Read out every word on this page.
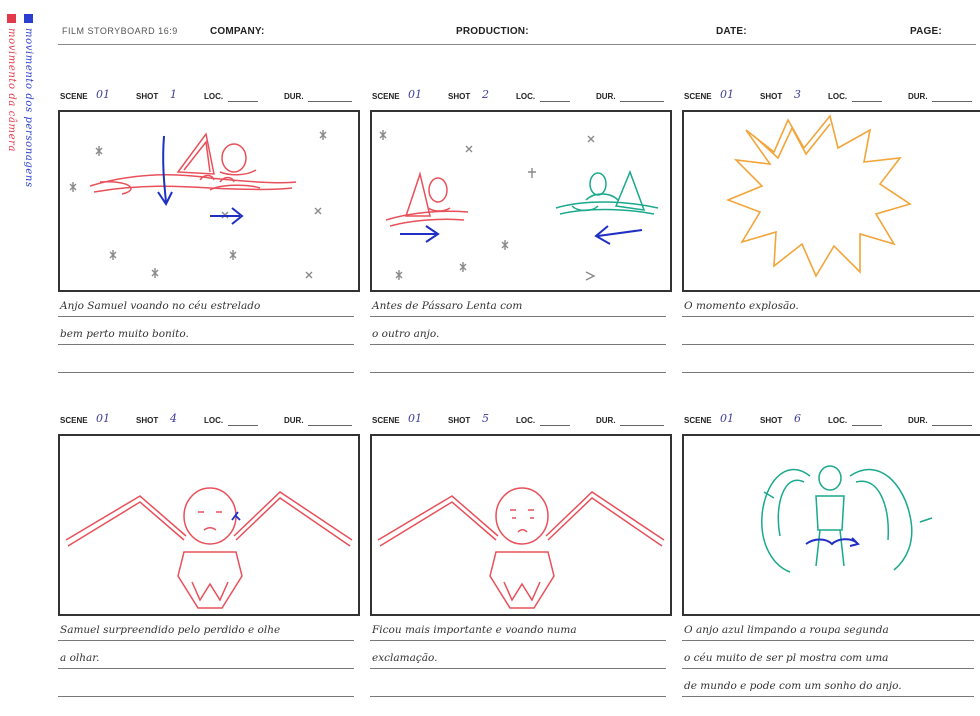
FILM STORYBOARD 16:9	COMPANY:	PRODUCTION:	DATE:	PAGE:
movimento da câmera movimento dos personagens	SCENE 01	SHOT 1	LOC.	DUR.
Anjo Samuel voando no céu estrelado
bem perto muito bonito.
SCENE 01	SHOT 2	LOC.	DUR.
Antes de Pássaro Lenta com
o outro anjo.
SCENE 01	SHOT 3	LOC.	DUR.
O momento explosão.
SCENE 01	SHOT 4	LOC.	DUR.
Samuel surpreendido pelo perdido e olhe
a olhar.
SCENE 01	SHOT 5	LOC.	DUR.
Ficou mais importante e voando numa
exclamação.
SCENE 01	SHOT 6	LOC.	DUR.
O anjo azul limpando a roupa segunda
o céu muito de ser pl mostra com uma
de mundo e pode com um sonho do anjo.
